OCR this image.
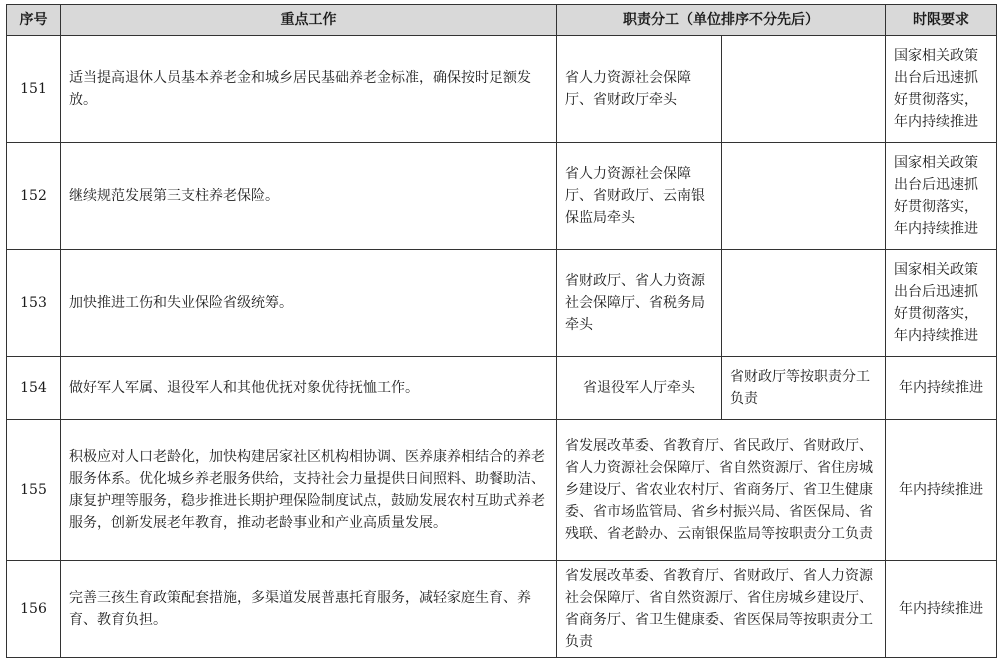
序号	重点工作	职责分工（单位排序不分先后）		时限要求
151	适当提高退休人员基本养老金和城乡居民基础养老金标准，确保按时足额发放。	省人力资源社会保障厅、省财政厅牵头		国家相关政策出台后迅速抓好贯彻落实，年内持续推进
152	继续规范发展第三支柱养老保险。	省人力资源社会保障厅、省财政厅、云南银保监局牵头		国家相关政策出台后迅速抓好贯彻落实，年内持续推进
153	加快推进工伤和失业保险省级统筹。	省财政厅、省人力资源社会保障厅、省税务局牵头		国家相关政策出台后迅速抓好贯彻落实，年内持续推进
154	做好军人军属、退役军人和其他优抚对象优待抚恤工作。	省退役军人厅牵头	省财政厅等按职责分工负责	年内持续推进
155	积极应对人口老龄化，加快构建居家社区机构相协调、医养康养相结合的养老服务体系。优化城乡养老服务供给，支持社会力量提供日间照料、助餐助洁、康复护理等服务，稳步推进长期护理保险制度试点，鼓励发展农村互助式养老服务，创新发展老年教育，推动老龄事业和产业高质量发展。	省发展改革委、省教育厅、省民政厅、省财政厅、省人力资源社会保障厅、省自然资源厅、省住房城乡建设厅、省农业农村厅、省商务厅、省卫生健康委、省市场监管局、省乡村振兴局、省医保局、省残联、省老龄办、云南银保监局等按职责分工负责		年内持续推进
156	完善三孩生育政策配套措施，多渠道发展普惠托育服务，减轻家庭生育、养育、教育负担。	省发展改革委、省教育厅、省财政厅、省人力资源社会保障厅、省自然资源厅、省住房城乡建设厅、省商务厅、省卫生健康委、省医保局等按职责分工负责		年内持续推进
